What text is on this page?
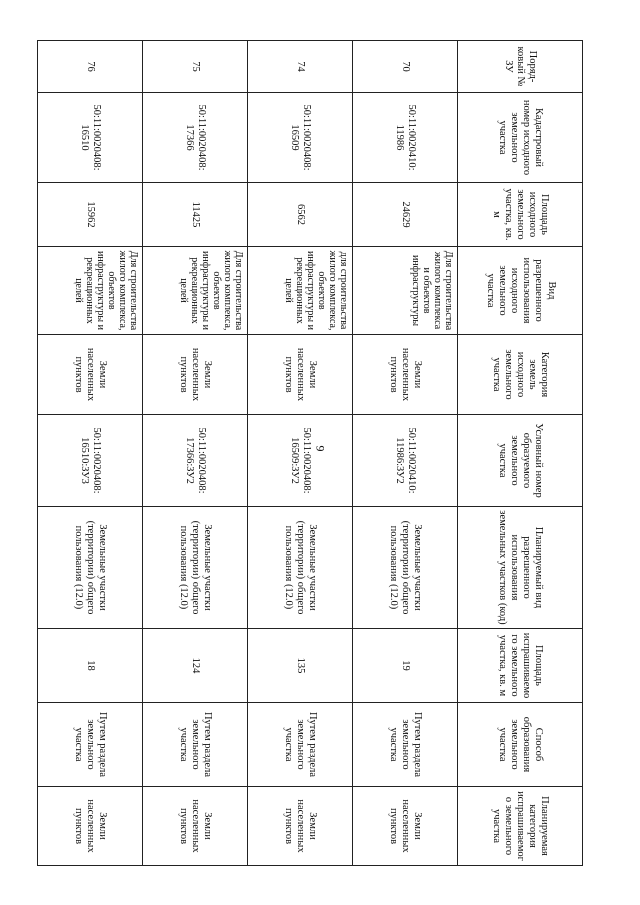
9
Поряд-ковый № ЗУ	Кадастровый номер исходного земельного участка	Площадь исходного земельного участка, кв. м	Вид разрешенного использования исходного земельного участка	Категория земель исходного земельного участка	Условный номер образуемого земельного участка	Планируемый вид разрешенного использования земельных участков (код)	Площадь испрашиваемого земельного участка, кв. м	Способ образования земельного участка	Планируемая категория испрашиваемого земельного участка
70	50:11:0020410: 11986	24629	Для строительства жилого комплекса и объектов инфраструктуры	Земли населенных пунктов	50:11:0020410: 11986:ЗУ2	Земельные участки (территории) общего пользования (12.0)	19	Путем раздела земельного участка	Земли населенных пунктов
74	50:11:0020408: 16509	6562	для строительства жилого комплекса, объектов инфраструктуры и рекреационных целей	Земли населенных пунктов	50:11:0020408: 16509:ЗУ2	Земельные участки (территории) общего пользования (12.0)	135	Путем раздела земельного участка	Земли населенных пунктов
75	50:11:0020408: 17366	11425	Для строительства жилого комплекса, объектов инфраструктуры и рекреационных целей	Земли населенных пунктов	50:11:0020408: 17366:ЗУ2	Земельные участки (территории) общего пользования (12.0)	124	Путем раздела земельного участка	Земли населенных пунктов
76	50:11:0020408: 16510	15962	Для строительства жилого комплекса, объектов инфраструктуры и рекреационных целей	Земли населенных пунктов	50:11:0020408: 16510:ЗУ3	Земельные участки (территории) общего пользования (12.0)	18	Путем раздела земельного участка	Земли населенных пунктов
